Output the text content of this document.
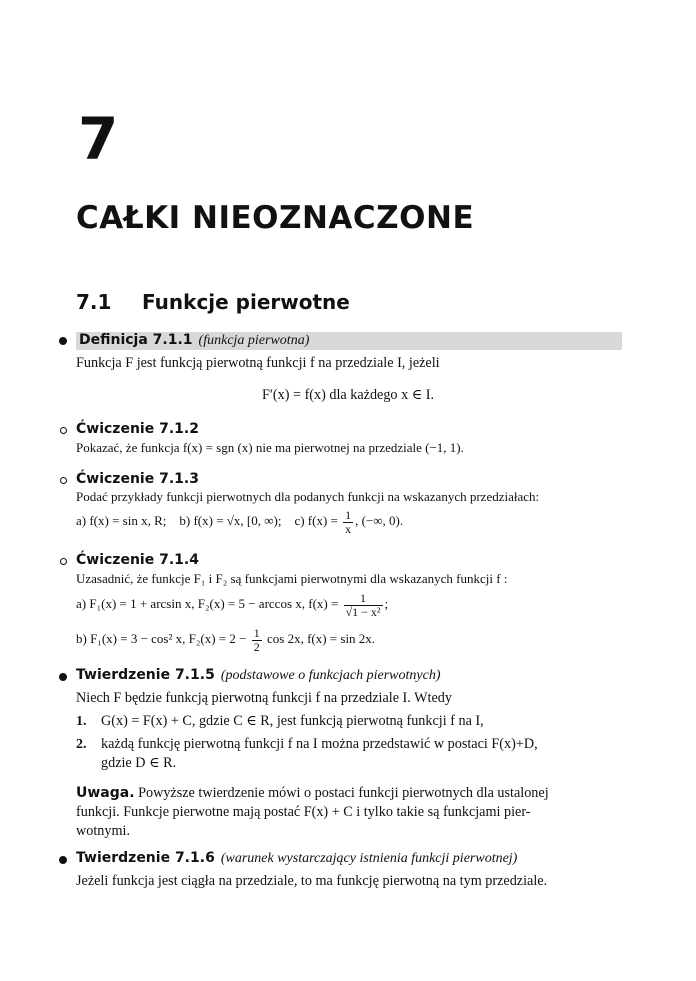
7
CAŁKI NIEOZNACZONE
7.1 Funkcje pierwotne
Definicja 7.1.1 (funkcja pierwotna)
Funkcja F jest funkcją pierwotną funkcji f na przedziale I, jeżeli
F′(x) = f(x) dla każdego x ∈ I.
Ćwiczenie 7.1.2
Pokazać, że funkcja f(x) = sgn (x) nie ma pierwotnej na przedziale (−1, 1).
Ćwiczenie 7.1.3
Podać przykłady funkcji pierwotnych dla podanych funkcji na wskazanych przedziałach:
a) f(x) = sin x, R; b) f(x) = √x, [0, ∞); c) $f(x) = \frac{1}{x}$ , (−∞, 0).
Ćwiczenie 7.1.4
Uzasadnić, że funkcje F₁ i F₂ są funkcjami pierwotnymi dla wskazanych funkcji f :
a) F₁(x) = 1 + arcsin x, F₂(x) = 5 − arccos x, $f(x) = \frac{1}{\text{√1 − x²}}$ ;
b) F₁(x) = 3 − cos² x, $F_2(x) = 2 - \frac{1}{2}$ cos 2x, f(x) = sin 2x.
Twierdzenie 7.1.5 (podstawowe o funkcjach pierwotnych)
Niech F będzie funkcją pierwotną funkcji f na przedziale I. Wtedy
1. G(x) = F(x) + C, gdzie C ∈ R, jest funkcją pierwotną funkcji f na I,
2. każdą funkcję pierwotną funkcji f na I można przedstawić w postaci F(x)+D,
gdzie D ∈ R.
Uwaga. Powyższe twierdzenie mówi o postaci funkcji pierwotnych dla ustalonej
funkcji. Funkcje pierwotne mają postać F(x) + C i tylko takie są funkcjami pier-
wotnymi.
Twierdzenie 7.1.6 (warunek wystarczający istnienia funkcji pierwotnej)
Jeżeli funkcja jest ciągła na przedziale, to ma funkcję pierwotną na tym przedziale.
